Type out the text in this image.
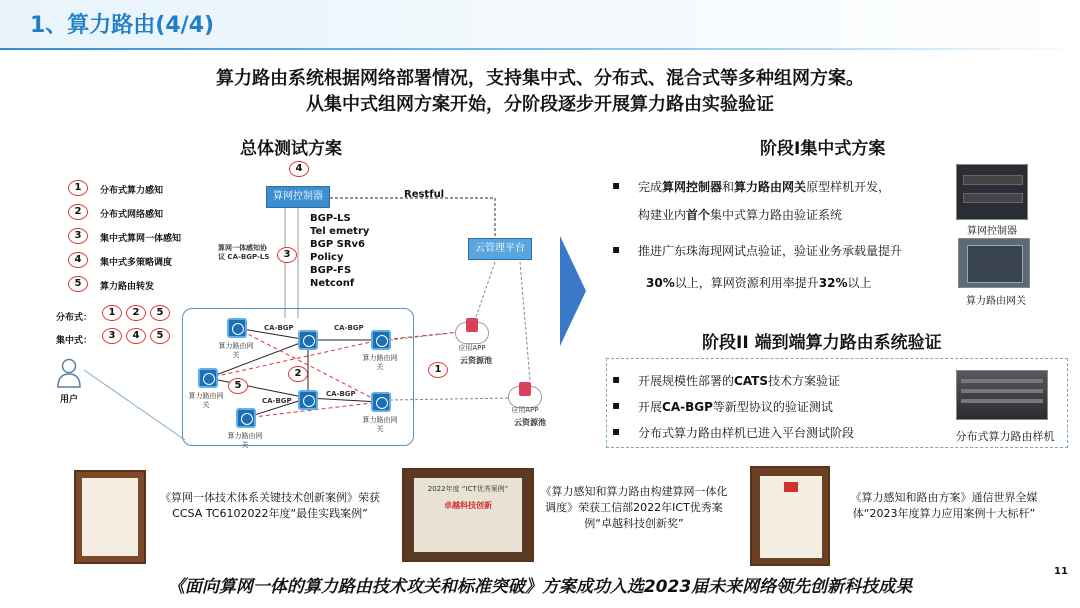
1、算力路由(4/4)
算力路由系统根据网络部署情况，支持集中式、分布式、混合式等多种组网方案。
从集中式组网方案开始，分阶段逐步开展算力路由实验验证
总体测试方案
1	分布式算力感知
2	分布式网络感知
3	集中式算网一体感知
4	集中式多策略调度
5	算力路由转发
分布式：	1	2	5
集中式：	3	4	5
用户
4
算网控制器	Restful
BGP-LS
Tel emetry
BGP SRv6
Policy
BGP-FS
Netconf
算网一体感知协议 CA-BGP-LS	3
云管理平台
算力路由网关	算力路由网关
算力路由网关
算力路由网关
算力路由网关
CA-BGP	CA-BGP
CA-BGP
CA-BGP
2
5
1
应用APP
云资源池
应用APP
云资源池
阶段I集中式方案
▪ 完成算网控制器和算力路由网关原型样机开发，
构建业内首个集中式算力路由验证系统
▪ 推进广东珠海现网试点验证，验证业务承载量提升
30%以上，算网资源利用率提升32%以上
算网控制器
算力路由网关
阶段II 端到端算力路由系统验证
▪ 开展规模性部署的CATS技术方案验证
▪ 开展CA-BGP等新型协议的验证测试
▪ 分布式算力路由样机已进入平台测试阶段	分布式算力路由样机
《算网一体技术体系关键技术创新案例》荣获CCSA TC6102022年度“最佳实践案例”
2022年度 “ICT优秀案例”
卓越科技创新
《算力感知和算力路由构建算网一体化调度》荣获工信部2022年ICT优秀案例“卓越科技创新奖”
《算力感知和路由方案》通信世界全媒体“2023年度算力应用案例十大标杆”
《面向算网一体的算力路由技术攻关和标准突破》方案成功入选2023届未来网络领先创新科技成果
11
